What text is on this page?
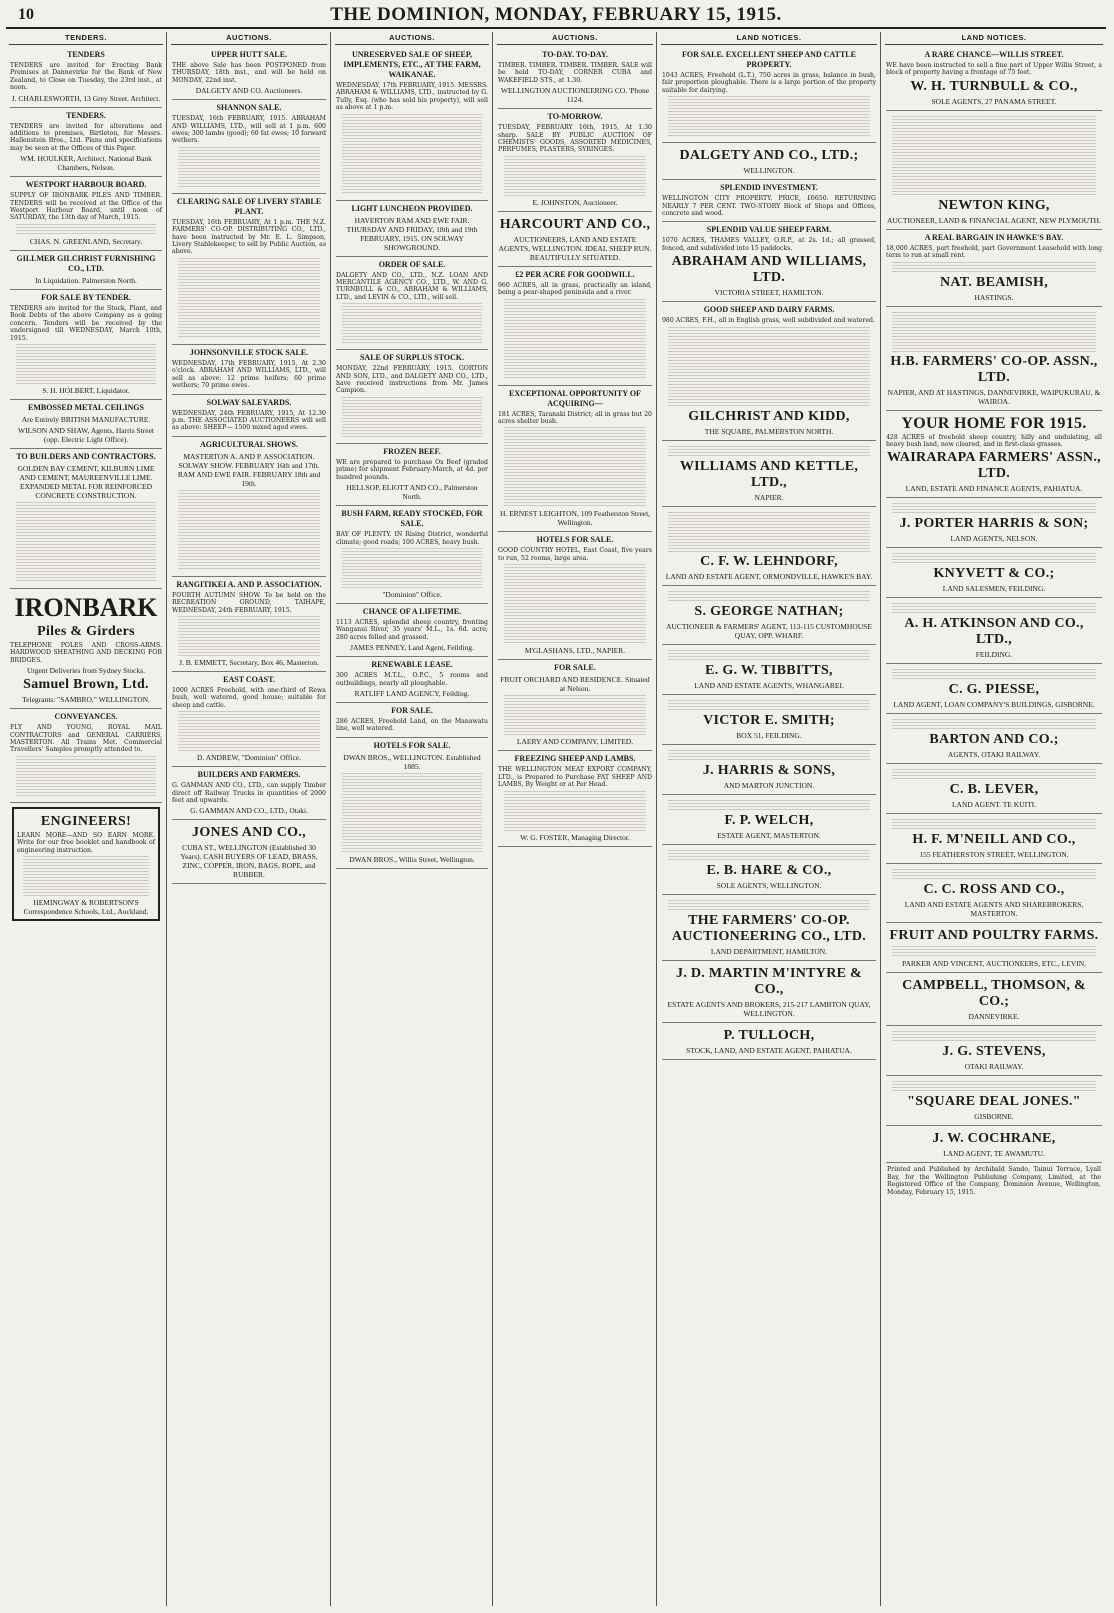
10	THE DOMINION, MONDAY, FEBRUARY 15, 1915.
TENDERS.
TENDERS
TENDERS are invited for Erecting Bank Premises at Dannevirke for the Bank of New Zealand, to Close on Tuesday, the 23rd inst., at noon.
J. CHARLESWORTH, 13 Grey Street. Architect.
TENDERS.
TENDERS are invited for alterations and additions to premises, Birtleton, for Messrs. Hallenstein Bros., Ltd. Plans and specifications may be seen at the Offices of this Paper.
WM. HOULKER, Architect. National Bank Chambers, Nelson.
WESTPORT HARBOUR BOARD.
SUPPLY OF IRONBARK PILES AND TIMBER. TENDERS will be received at the Office of the Westport Harbour Board, until noon of SATURDAY, the 13th day of March, 1915.
CHAS. N. GREENLAND, Secretary.
GILLMER GILCHRIST FURNISHING CO., LTD.
In Liquidation. Palmerston North.
FOR SALE BY TENDER.
TENDERS are invited for the Stock, Plant, and Book Debts of the above Company as a going concern. Tenders will be received by the undersigned till WEDNESDAY, March 10th, 1915.
S. H. HOLBERT, Liquidator.
EMBOSSED METAL CEILINGS
Are Entirely BRITISH MANUFACTURE.
WILSON AND SHAW, Agents, Harris Street (opp. Electric Light Office).
TO BUILDERS AND CONTRACTORS.
GOLDEN BAY CEMENT, KILBURN LIME AND CEMENT, MAUREENVILLE LIME. EXPANDED METAL FOR REINFORCED CONCRETE CONSTRUCTION.
IRONBARK
Piles & Girders
TELEPHONE POLES AND CROSS-ARMS. HARDWOOD SHEATHING AND DECKING FOR BRIDGES.
Urgent Deliveries from Sydney Stocks.
Samuel Brown, Ltd.
Telegrams: "SAMBRO," WELLINGTON.
CONVEYANCES.
FLY AND YOUNG, ROYAL MAIL CONTRACTORS and GENERAL CARRIERS, MASTERTON. All Trains Met. Commercial Travellers' Samples promptly attended to.
ENGINEERS!
LEARN MORE—AND SO EARN MORE. Write for our free booklet and handbook of engineering instruction.
HEMINGWAY & ROBERTSON'S Correspondence Schools, Ltd., Auckland.
AUCTIONS.
UPPER HUTT SALE.
THE above Sale has been POSTPONED from THURSDAY, 18th inst., and will be held on MONDAY, 22nd inst.
DALGETY AND CO. Auctioneers.
SHANNON SALE.
TUESDAY, 16th FEBRUARY, 1915. ABRAHAM AND WILLIAMS, LTD., will sell at 1 p.m. 600 ewes; 300 lambs (good); 60 fat ewes; 10 forward wethers.
CLEARING SALE OF LIVERY STABLE PLANT.
TUESDAY, 16th FEBRUARY, At 1 p.m. THE N.Z. FARMERS' CO-OP. DISTRIBUTING CO., LTD., have been instructed by Mr. E. L. Simpson, Livery Stablekeeper, to sell by Public Auction, as above.
JOHNSONVILLE STOCK SALE.
WEDNESDAY, 17th FEBRUARY, 1915, At 2.30 o'clock. ABRAHAM AND WILLIAMS, LTD., will sell as above: 12 prime heifers; 60 prime wethers; 70 prime ewes.
SOLWAY SALEYARDS.
WEDNESDAY, 24th FEBRUARY, 1915, At 12.30 p.m. THE ASSOCIATED AUCTIONEERS will sell as above: SHEEP— 1500 mixed aged ewes.
AGRICULTURAL SHOWS.
MASTERTON A. AND P. ASSOCIATION. SOLWAY SHOW. FEBRUARY 16th and 17th. RAM AND EWE FAIR. FEBRUARY 18th and 19th.
RANGITIKEI A. AND P. ASSOCIATION.
FOURTH AUTUMN SHOW. To be held on the RECREATION GROUND, TAIHAPE, WEDNESDAY, 24th FEBRUARY, 1915.
J. B. EMMETT, Secretary, Box 46, Masterton.
EAST COAST.
1000 ACRES Freehold, with one-third of Rewa bush, well watered, good house; suitable for sheep and cattle.
D. ANDREW, "Dominion" Office.
BUILDERS AND FARMERS.
G. GAMMAN AND CO., LTD., can supply Timber direct off Railway Trucks in quantities of 2000 feet and upwards.
G. GAMMAN AND CO., LTD., Otaki.
JONES AND CO.,
CUBA ST., WELLINGTON (Established 30 Years). CASH BUYERS OF LEAD, BRASS, ZINC, COPPER, IRON, BAGS, ROPE, and RUBBER.
AUCTIONS.
UNRESERVED SALE OF SHEEP, IMPLEMENTS, ETC., AT THE FARM, WAIKANAE.
WEDNESDAY, 17th FEBRUARY, 1915. MESSRS. ABRAHAM & WILLIAMS, LTD., instructed by G. Tully, Esq. (who has sold his property), will sell as above at 1 p.m.
LIGHT LUNCHEON PROVIDED.
HAVERTON RAM AND EWE FAIR. THURSDAY AND FRIDAY, 18th and 19th FEBRUARY, 1915. ON SOLWAY SHOWGROUND.
ORDER OF SALE.
DALGETY AND CO., LTD., N.Z. LOAN AND MERCANTILE AGENCY CO., LTD., W. AND G. TURNBULL & CO., ABRAHAM & WILLIAMS, LTD., and LEVIN & CO., LTD., will sell.
SALE OF SURPLUS STOCK.
MONDAY, 22nd FEBRUARY, 1915. GORTON AND SON, LTD., and DALGETY AND CO., LTD., have received instructions from Mr. James Campion.
FROZEN BEEF.
WE are prepared to purchase Ox Beef (graded prime) for shipment February-March, at 4d. per hundred pounds.
HELLSOP, ELIOTT AND CO., Palmerston North.
BUSH FARM, READY STOCKED, FOR SALE.
BAY OF PLENTY. IN Rising District, wonderful climate; good roads; 100 ACRES, heavy bush.
"Dominion" Office.
CHANCE OF A LIFETIME.
1113 ACRES, splendid sheep country, fronting Wanganui River, 35 years' M.L., 1s. 6d. acre; 280 acres felled and grassed.
JAMES PENNEY, Land Agent, Feilding.
RENEWABLE LEASE.
300 ACRES M.T.L., O.P.C., 5 rooms and outbuildings, nearly all ploughable.
RATLIFF LAND AGENCY, Feilding.
FOR SALE.
286 ACRES, Freehold Land, on the Manawatu line, well watered.
HOTELS FOR SALE.
DWAN BROS., WELLINGTON. Established 1885.
DWAN BROS., Willis Street, Wellington.
AUCTIONS.
TO-DAY. TO-DAY.
TIMBER. TIMBER. TIMBER. TIMBER. SALE will be held TO-DAY, CORNER CUBA and WAKEFIELD STS., at 1.30.
WELLINGTON AUCTIONEERING CO. 'Phone 1124.
TO-MORROW.
TUESDAY, FEBRUARY 16th, 1915, At 1.30 sharp. SALE BY PUBLIC AUCTION OF CHEMISTS' GOODS, ASSORTED MEDICINES, PERFUMES, PLASTERS, SYRINGES.
E. JOHNSTON, Auctioneer.
HARCOURT AND CO.,
AUCTIONEERS, LAND AND ESTATE AGENTS, WELLINGTON. IDEAL SHEEP RUN. BEAUTIFULLY SITUATED.
£2 PER ACRE FOR GOODWILL.
960 ACRES, all in grass, practically an island, being a pear-shaped peninsula and a river.
EXCEPTIONAL OPPORTUNITY OF ACQUIRING—
181 ACRES, Taranaki District; all in grass but 20 acres shelter bush.
H. ERNEST LEIGHTON, 109 Featherston Street, Wellington.
HOTELS FOR SALE.
GOOD COUNTRY HOTEL, East Coast, five years to run, 52 rooms, large area.
M'GLASHANS, LTD., NAPIER.
FOR SALE.
FRUIT ORCHARD AND RESIDENCE. Situated at Nelson.
LAERY AND COMPANY, LIMITED.
FREEZING SHEEP AND LAMBS.
THE WELLINGTON MEAT EXPORT COMPANY, LTD., is Prepared to Purchase FAT SHEEP AND LAMBS, By Weight or at Per Head.
W. G. FOSTER, Managing Director.
LAND NOTICES.
FOR SALE. EXCELLENT SHEEP AND CATTLE PROPERTY.
1043 ACRES, Freehold (L.T.), 750 acres in grass, balance in bush, fair proportion ploughable. There is a large portion of the property suitable for dairying.
DALGETY AND CO., LTD.;
WELLINGTON.
SPLENDID INVESTMENT.
WELLINGTON CITY PROPERTY. PRICE, £6650. RETURNING NEARLY 7 PER CENT. TWO-STORY Block of Shops and Offices, concrete and wood.
SPLENDID VALUE SHEEP FARM.
1070 ACRES, THAMES VALLEY, O.R.P., at 2s. 1d.; all grassed, fenced, and subdivided into 15 paddocks.
ABRAHAM AND WILLIAMS, LTD.
VICTORIA STREET, HAMILTON.
GOOD SHEEP AND DAIRY FARMS.
980 ACRES, F.H., all in English grass, well subdivided and watered.
GILCHRIST AND KIDD,
THE SQUARE, PALMERSTON NORTH.
WILLIAMS AND KETTLE, LTD.,
NAPIER.
C. F. W. LEHNDORF,
LAND AND ESTATE AGENT, ORMONDVILLE, HAWKE'S BAY.
S. GEORGE NATHAN;
AUCTIONEER & FARMERS' AGENT, 113-115 CUSTOMHOUSE QUAY, OPP. WHARF.
E. G. W. TIBBITTS,
LAND AND ESTATE AGENTS, WHANGAREI.
VICTOR E. SMITH;
BOX 51, FEILDING.
J. HARRIS & SONS,
AND MARTON JUNCTION.
F. P. WELCH,
ESTATE AGENT, MASTERTON.
E. B. HARE & CO.,
SOLE AGENTS, WELLINGTON.
THE FARMERS' CO-OP. AUCTIONEERING CO., LTD.
LAND DEPARTMENT, HAMILTON.
J. D. MARTIN M'INTYRE & CO.,
ESTATE AGENTS AND BROKERS, 215-217 LAMBTON QUAY, WELLINGTON.
P. TULLOCH,
STOCK, LAND, AND ESTATE AGENT, PAHIATUA.
LAND NOTICES.
A RARE CHANCE—WILLIS STREET.
WE have been instructed to sell a fine part of Upper Willis Street, a block of property having a frontage of 75 feet.
W. H. TURNBULL & CO.,
SOLE AGENTS, 27 PANAMA STREET.
NEWTON KING,
AUCTIONEER, LAND & FINANCIAL AGENT, NEW PLYMOUTH.
A REAL BARGAIN IN HAWKE'S BAY.
18,000 ACRES, part freehold, part Government Leasehold with long term to run at small rent.
NAT. BEAMISH,
HASTINGS.
H.B. FARMERS' CO-OP. ASSN., LTD.
NAPIER, AND AT HASTINGS, DANNEVIRKE, WAIPUKURAU, & WAIROA.
YOUR HOME FOR 1915.
428 ACRES of freehold sheep country, hilly and undulating, all heavy bush land, now cleared, and in first-class grasses.
WAIRARAPA FARMERS' ASSN., LTD.
LAND, ESTATE AND FINANCE AGENTS, PAHIATUA.
J. PORTER HARRIS & SON;
LAND AGENTS, NELSON.
KNYVETT & CO.;
LAND SALESMEN, FEILDING.
A. H. ATKINSON AND CO., LTD.,
FEILDING.
C. G. PIESSE,
LAND AGENT, LOAN COMPANY'S BUILDINGS, GISBORNE.
BARTON AND CO.;
AGENTS, OTAKI RAILWAY.
C. B. LEVER,
LAND AGENT. TE KUITI.
H. F. M'NEILL AND CO.,
155 FEATHERSTON STREET, WELLINGTON.
C. C. ROSS AND CO.,
LAND AND ESTATE AGENTS AND SHAREBROKERS, MASTERTON.
FRUIT AND POULTRY FARMS.
PARKER AND VINCENT, AUCTIONEERS, ETC., LEVIN.
CAMPBELL, THOMSON, & CO.;
DANNEVIRKE.
J. G. STEVENS,
OTAKI RAILWAY.
"SQUARE DEAL JONES."
GISBORNE.
J. W. COCHRANE,
LAND AGENT, TE AWAMUTU.
Printed and Published by Archibald Sando, Tainui Terrace, Lyall Bay, for the Wellington Publishing Company, Limited, at the Registered Office of the Company, Dominion Avenue, Wellington, Monday, February 15, 1915.
